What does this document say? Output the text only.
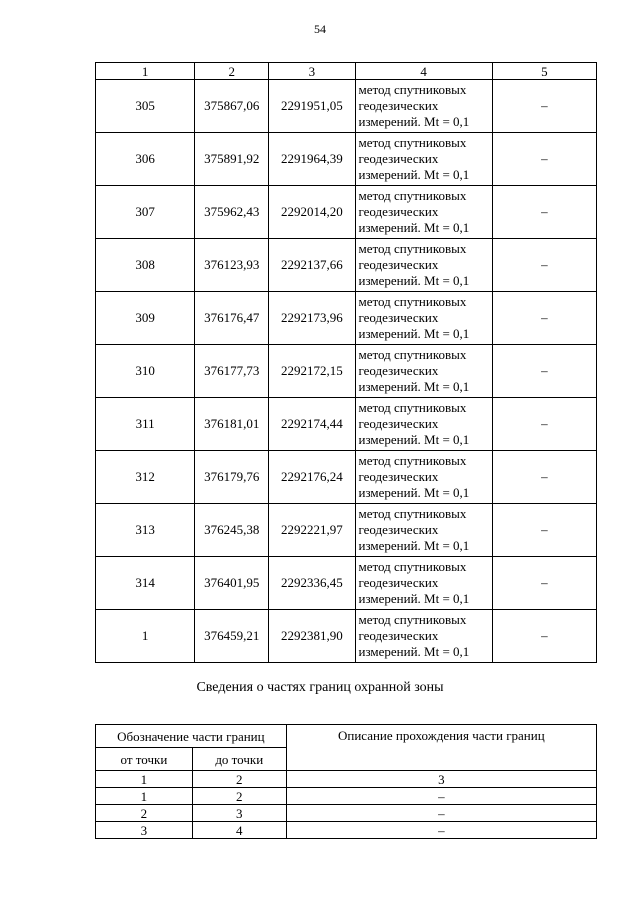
54
1	2	3	4	5
305	375867,06	2291951,05	метод спутниковых
геодезических
измерений. Mt = 0,1	–
306	375891,92	2291964,39	метод спутниковых
геодезических
измерений. Mt = 0,1	–
307	375962,43	2292014,20	метод спутниковых
геодезических
измерений. Mt = 0,1	–
308	376123,93	2292137,66	метод спутниковых
геодезических
измерений. Mt = 0,1	–
309	376176,47	2292173,96	метод спутниковых
геодезических
измерений. Mt = 0,1	–
310	376177,73	2292172,15	метод спутниковых
геодезических
измерений. Mt = 0,1	–
311	376181,01	2292174,44	метод спутниковых
геодезических
измерений. Mt = 0,1	–
312	376179,76	2292176,24	метод спутниковых
геодезических
измерений. Mt = 0,1	–
313	376245,38	2292221,97	метод спутниковых
геодезических
измерений. Mt = 0,1	–
314	376401,95	2292336,45	метод спутниковых
геодезических
измерений. Mt = 0,1	–
1	376459,21	2292381,90	метод спутниковых
геодезических
измерений. Mt = 0,1	–
Сведения о частях границ охранной зоны
Обозначение части границ		Описание прохождения части границ
от точки	до точки	
1	2	3
1	2	–
2	3	–
3	4	–
